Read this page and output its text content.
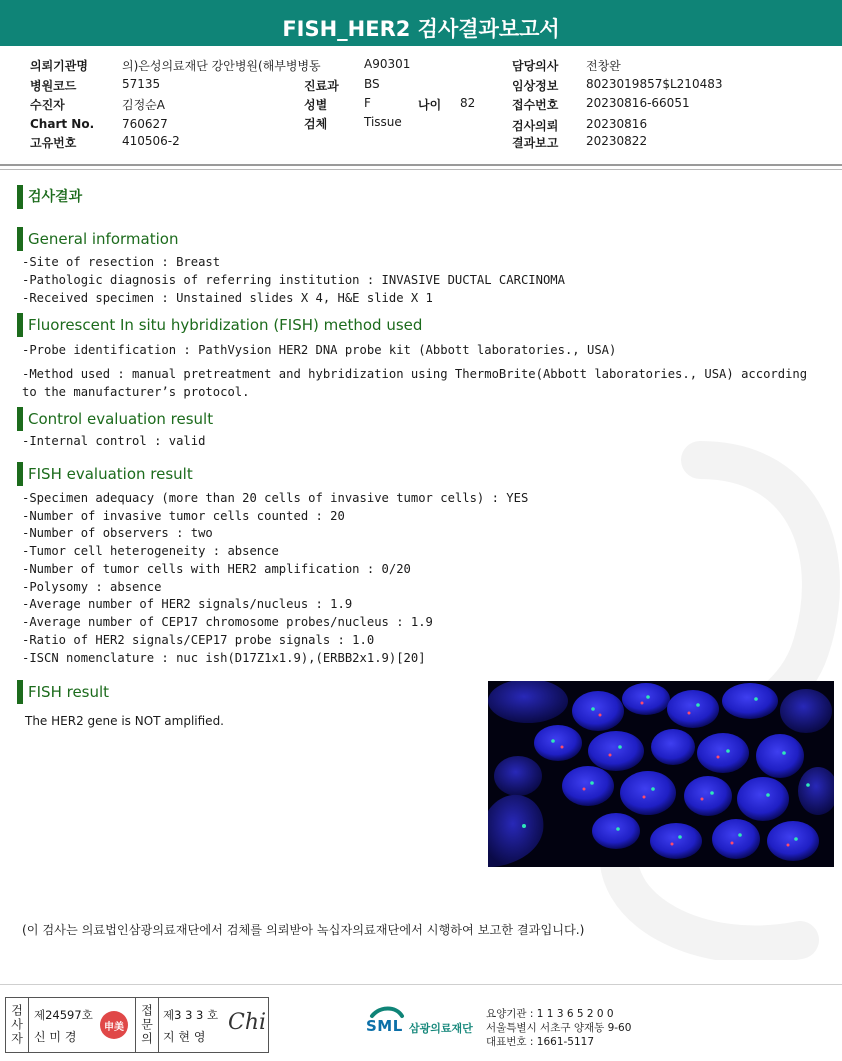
FISH_HER2 검사결과보고서
의뢰기관명	의)은성의료재단 강안병원(해부병병동	A90301	담당의사 전창완
병원코드	57135	진료과 BS	임상정보 8023019857$L210483
수진자	김정순A	성별	F	나이 82	접수번호 20230816-66051
Chart No. 760627	검체	Tissue	검사의뢰 20230816
고유번호	410506-2	결과보고 20230822
검사결과
General information
-Site of resection : Breast
-Pathologic diagnosis of referring institution : INVASIVE DUCTAL CARCINOMA
-Received specimen : Unstained slides X 4, H&E slide X 1
Fluorescent In situ hybridization (FISH) method used
-Probe identification : PathVysion HER2 DNA probe kit (Abbott laboratories., USA)
-Method used : manual pretreatment and hybridization using ThermoBrite(Abbott laboratories., USA) according
to the manufacturer’s protocol.
Control evaluation result
-Internal control : valid
FISH evaluation result
-Specimen adequacy (more than 20 cells of invasive tumor cells) : YES
-Number of invasive tumor cells counted : 20
-Number of observers : two
-Tumor cell heterogeneity : absence
-Number of tumor cells with HER2 amplification : 0/20
-Polysomy : absence
-Average number of HER2 signals/nucleus : 1.9
-Average number of CEP17 chromosome probes/nucleus : 1.9
-Ratio of HER2 signals/CEP17 probe signals : 1.0
-ISCN nomenclature : nuc ish(D17Z1x1.9),(ERBB2x1.9)[20]
FISH result
The HER2 gene is NOT amplified.
(이 검사는 의료법인삼광의료재단에서 검체를 의뢰받아 녹십자의료재단에서 시행하여 보고한 결과입니다.)
검사자 제24597호
신 미 경
申美	접문의 제3 3 3 호
지 현 영
Chi	SML 삼광의료재단
요양기관 : 1 1 3 6 5 2 0 0
서울특별시 서초구 양재동 9-60
대표번호 : 1661-5117
